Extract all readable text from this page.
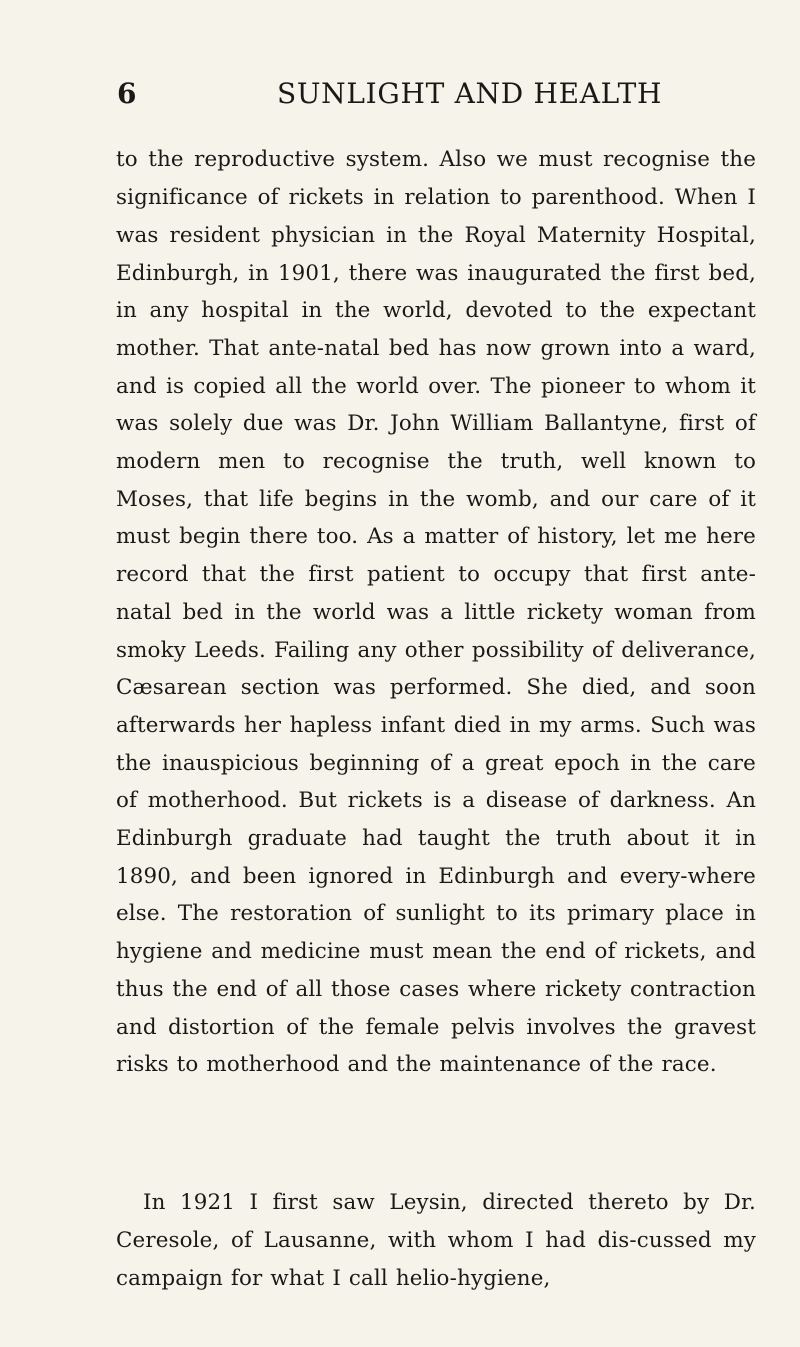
6	SUNLIGHT AND HEALTH

to the reproductive system. Also we must recognise the significance of rickets in relation to parenthood. When I was resident physician in the Royal Maternity Hospital, Edinburgh, in 1901, there was inaugurated the first bed, in any hospital in the world, devoted to the expectant mother. That ante-natal bed has now grown into a ward, and is copied all the world over. The pioneer to whom it was solely due was Dr. John William Ballantyne, first of modern men to recognise the truth, well known to Moses, that life begins in the womb, and our care of it must begin there too. As a matter of history, let me here record that the first patient to occupy that first ante-natal bed in the world was a little rickety woman from smoky Leeds. Failing any other possibility of deliverance, Cæsarean section was performed. She died, and soon afterwards her hapless infant died in my arms. Such was the inauspicious beginning of a great epoch in the care of motherhood. But rickets is a disease of darkness. An Edinburgh graduate had taught the truth about it in 1890, and been ignored in Edinburgh and every-where else. The restoration of sunlight to its primary place in hygiene and medicine must mean the end of rickets, and thus the end of all those cases where rickety contraction and distortion of the female pelvis involves the gravest risks to motherhood and the maintenance of the race.

In 1921 I first saw Leysin, directed thereto by Dr. Ceresole, of Lausanne, with whom I had dis-cussed my campaign for what I call helio-hygiene,
